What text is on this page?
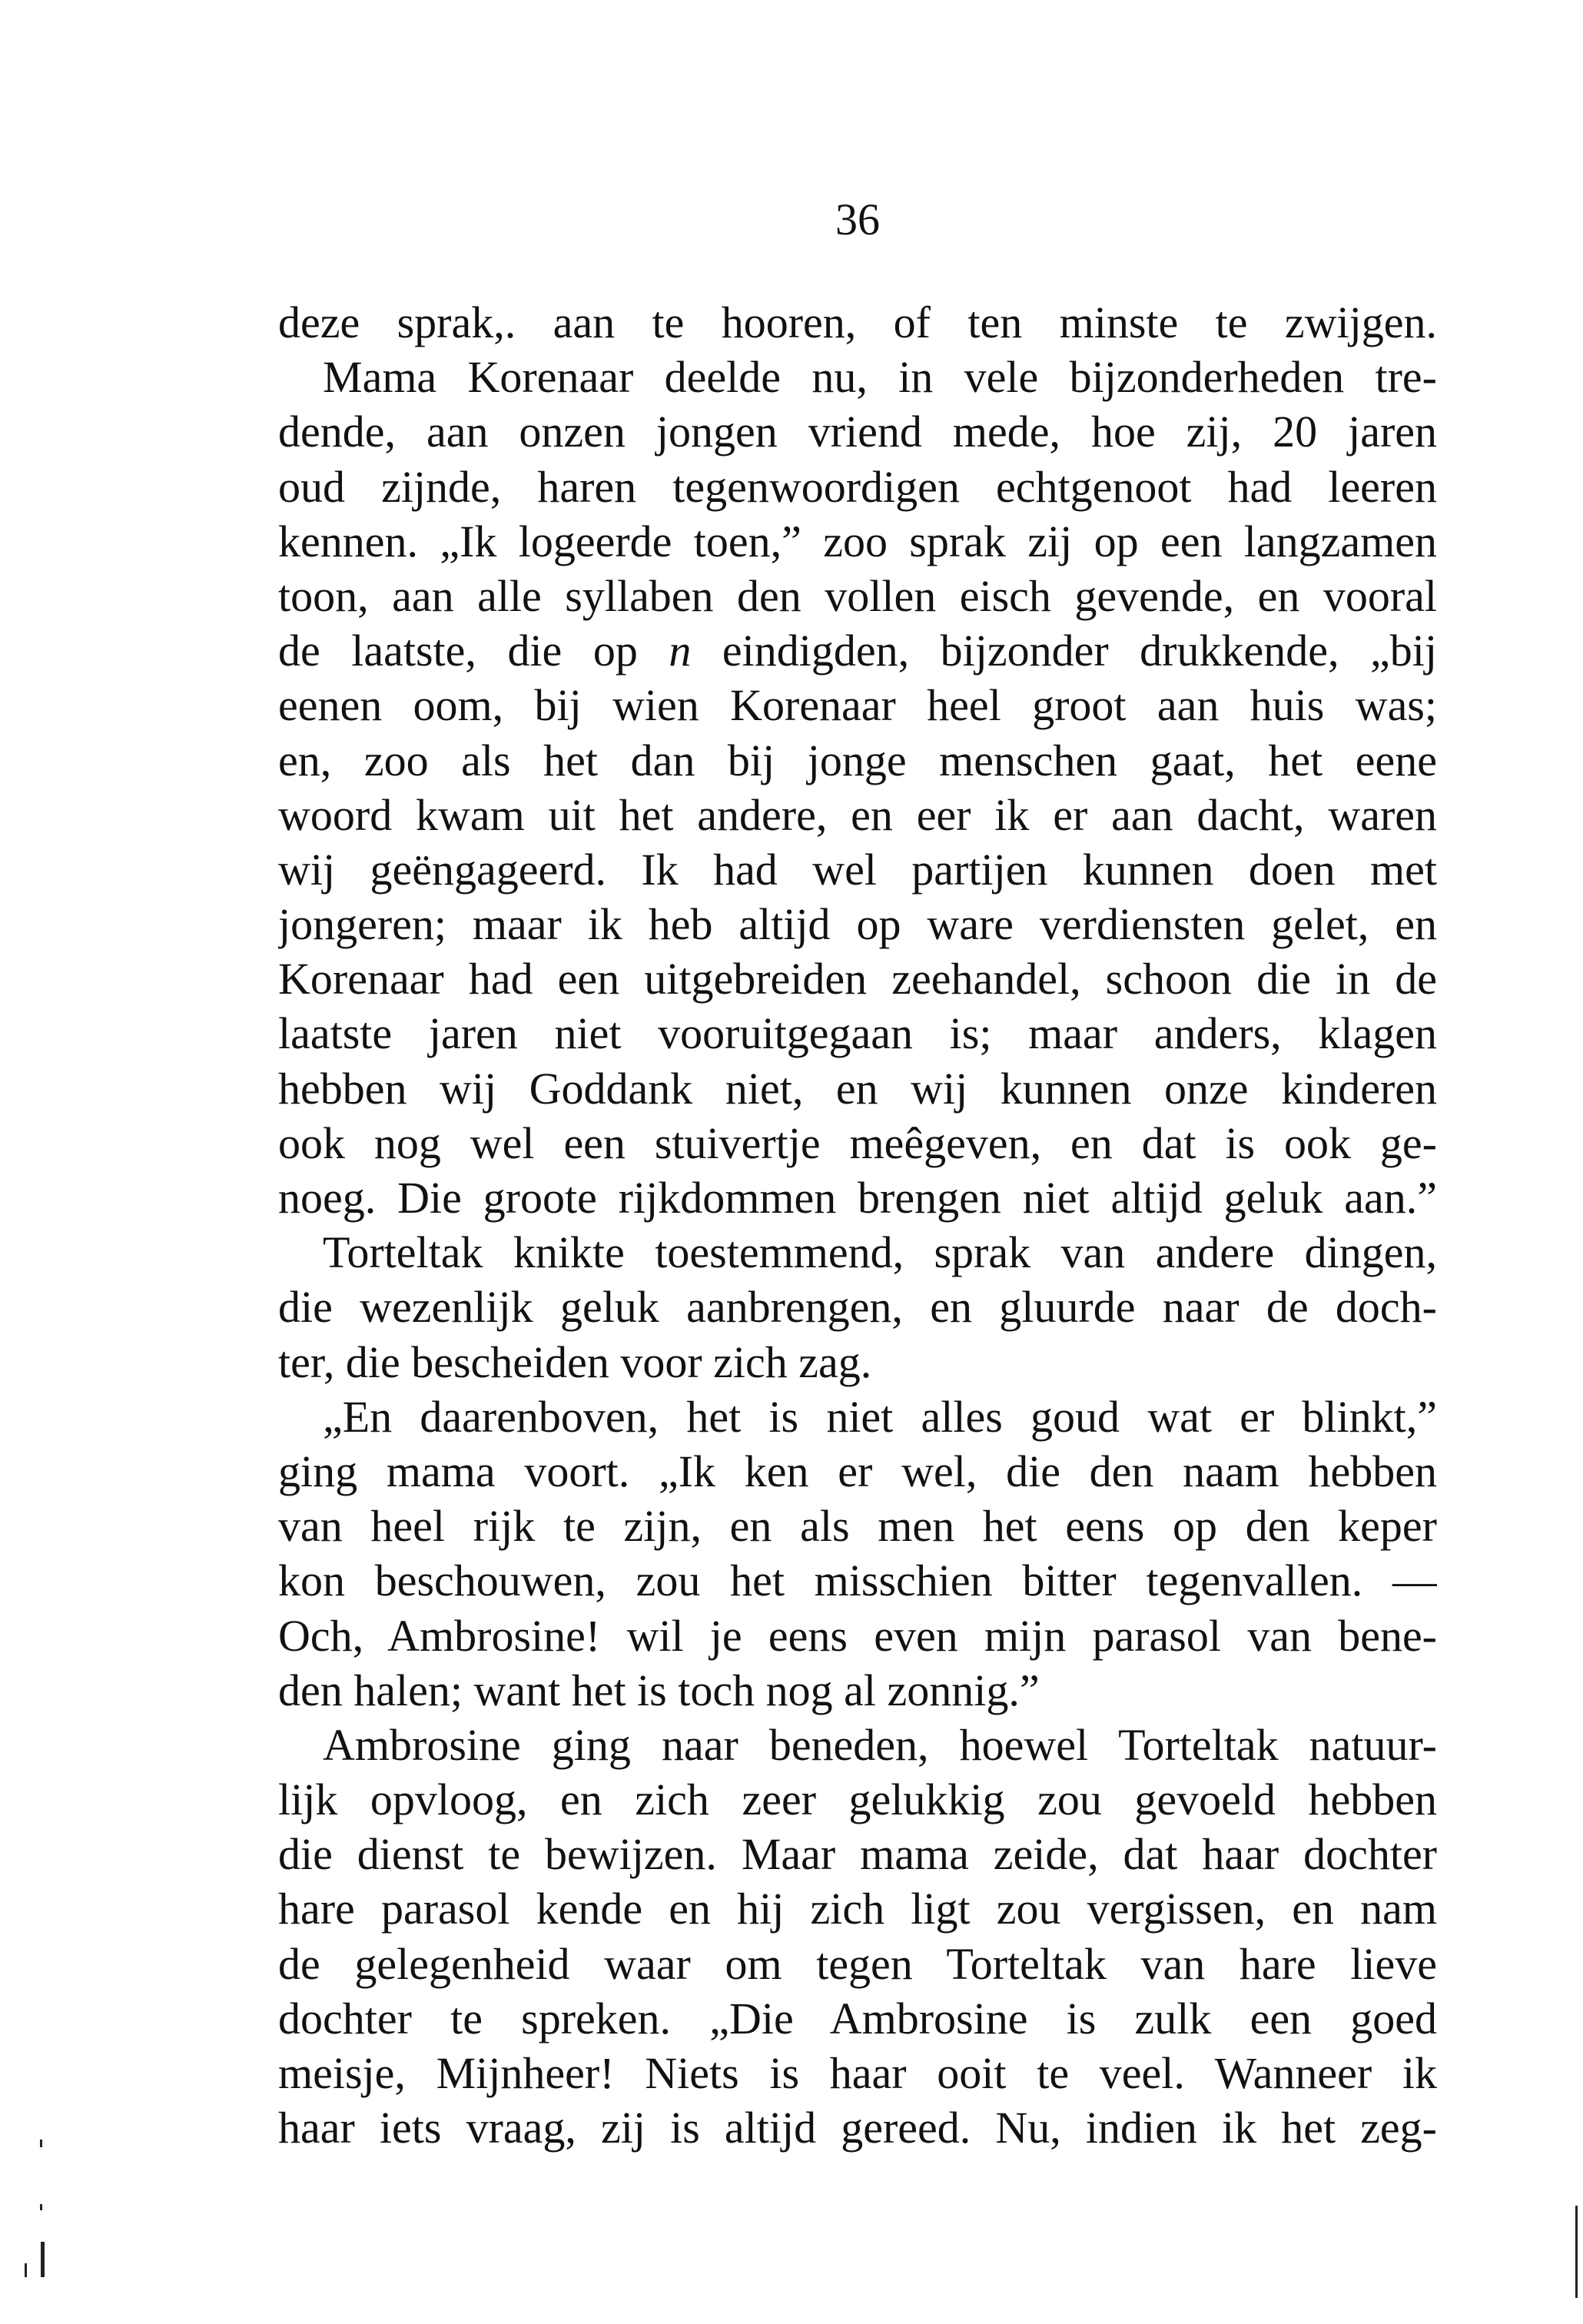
36
deze sprak,. aan te hooren, of ten minste te zwijgen.
Mama Korenaar deelde nu, in vele bijzonderheden tre-
dende, aan onzen jongen vriend mede, hoe zij, 20 jaren
oud zijnde, haren tegenwoordigen echtgenoot had leeren
kennen. „Ik logeerde toen,” zoo sprak zij op een langzamen
toon, aan alle syllaben den vollen eisch gevende, en vooral
de laatste, die op n eindigden, bijzonder drukkende, „bij
eenen oom, bij wien Korenaar heel groot aan huis was;
en, zoo als het dan bij jonge menschen gaat, het eene
woord kwam uit het andere, en eer ik er aan dacht, waren
wij geëngageerd. Ik had wel partijen kunnen doen met
jongeren; maar ik heb altijd op ware verdiensten gelet, en
Korenaar had een uitgebreiden zeehandel, schoon die in de
laatste jaren niet vooruitgegaan is; maar anders, klagen
hebben wij Goddank niet, en wij kunnen onze kinderen
ook nog wel een stuivertje meêgeven, en dat is ook ge-
noeg. Die groote rijkdommen brengen niet altijd geluk aan.”
Torteltak knikte toestemmend, sprak van andere dingen,
die wezenlijk geluk aanbrengen, en gluurde naar de doch-
ter, die bescheiden voor zich zag.
„En daarenboven, het is niet alles goud wat er blinkt,”
ging mama voort. „Ik ken er wel, die den naam hebben
van heel rijk te zijn, en als men het eens op den keper
kon beschouwen, zou het misschien bitter tegenvallen. —
Och, Ambrosine! wil je eens even mijn parasol van bene-
den halen; want het is toch nog al zonnig.”
Ambrosine ging naar beneden, hoewel Torteltak natuur-
lijk opvloog, en zich zeer gelukkig zou gevoeld hebben
die dienst te bewijzen. Maar mama zeide, dat haar dochter
hare parasol kende en hij zich ligt zou vergissen, en nam
de gelegenheid waar om tegen Torteltak van hare lieve
dochter te spreken. „Die Ambrosine is zulk een goed
meisje, Mijnheer! Niets is haar ooit te veel. Wanneer ik
haar iets vraag, zij is altijd gereed. Nu, indien ik het zeg-
